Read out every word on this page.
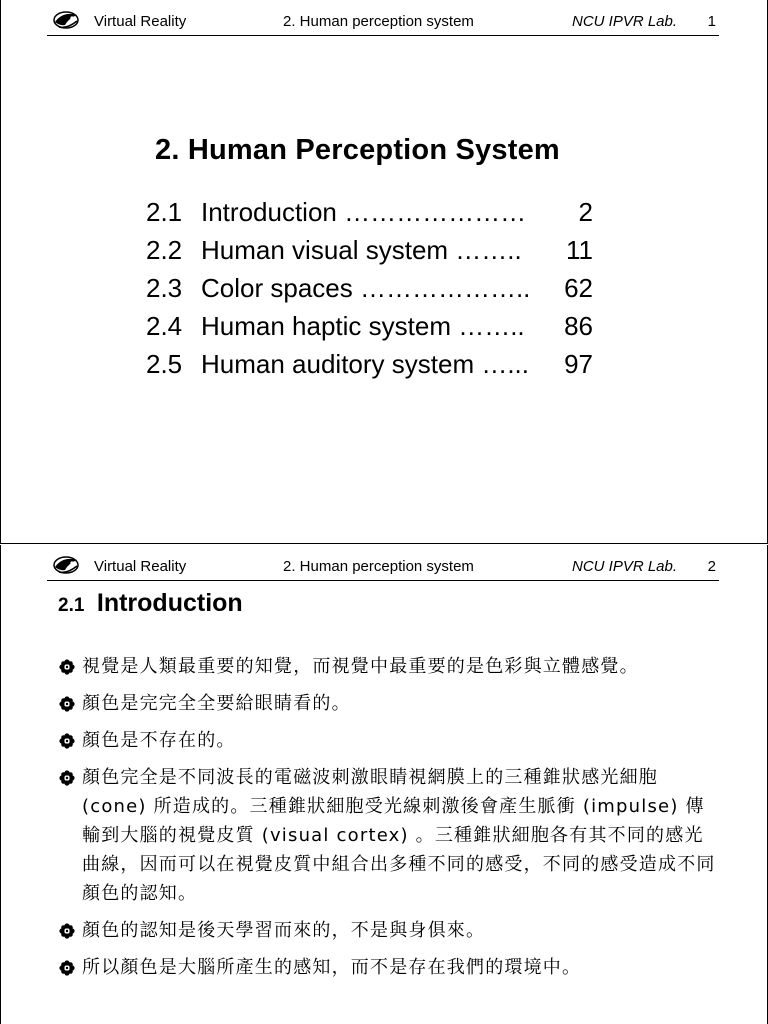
Virtual Reality	2. Human perception system	NCU IPVR Lab. 1
2. Human Perception System
2.1 Introduction ………………… 2
2.2 Human visual system …….. 11
2.3 Color spaces ……………….. 62
2.4 Human haptic system …….. 86
2.5 Human auditory system …... 97
Virtual Reality	2. Human perception system	NCU IPVR Lab. 2
2.1 Introduction
視覺是人類最重要的知覺，而視覺中最重要的是色彩與立體感覺。
顏色是完完全全要給眼睛看的。
顏色是不存在的。
顏色完全是不同波長的電磁波刺激眼睛視網膜上的三種錐狀感光細胞 (cone) 所造成的。三種錐狀細胞受光線刺激後會產生脈衝 (impulse) 傳輸到大腦的視覺皮質 (visual cortex) 。三種錐狀細胞各有其不同的感光曲線，因而可以在視覺皮質中組合出多種不同的感受，不同的感受造成不同顏色的認知。
顏色的認知是後天學習而來的，不是與身俱來。
所以顏色是大腦所產生的感知，而不是存在我們的環境中。
